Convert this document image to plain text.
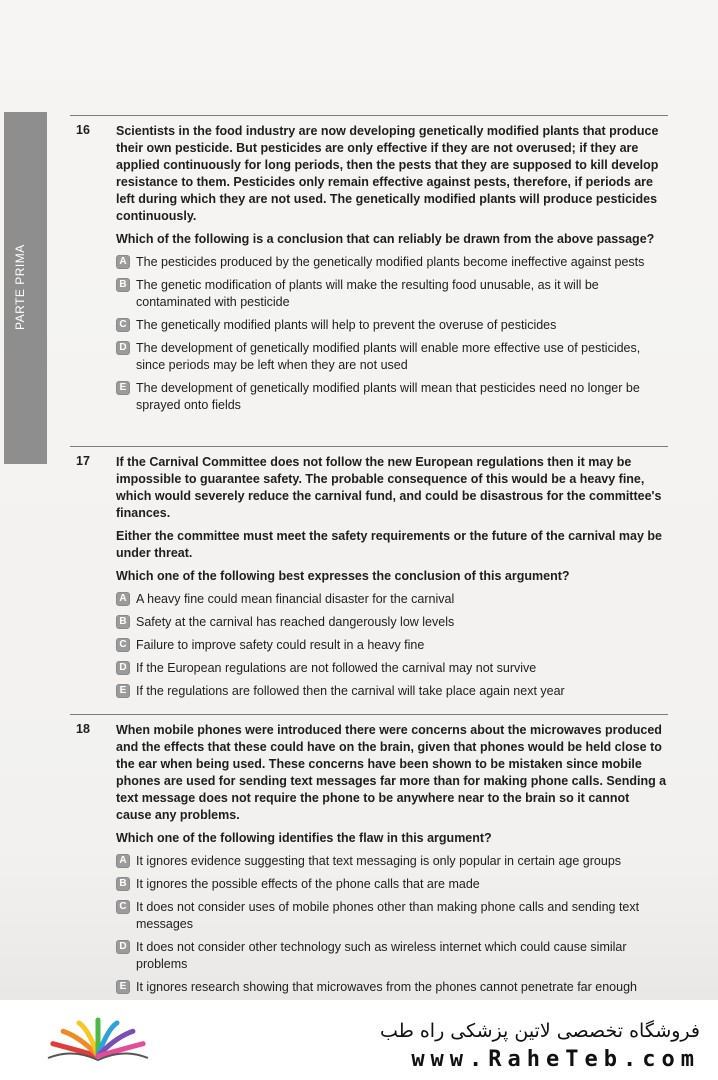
PARTE PRIMA
16 Scientists in the food industry are now developing genetically modified plants that produce their own pesticide. But pesticides are only effective if they are not overused; if they are applied continuously for long periods, then the pests that they are supposed to kill develop resistance to them. Pesticides only remain effective against pests, therefore, if periods are left during which they are not used. The genetically modified plants will produce pesticides continuously.

Which of the following is a conclusion that can reliably be drawn from the above passage?

A The pesticides produced by the genetically modified plants become ineffective against pests
B The genetic modification of plants will make the resulting food unusable, as it will be contaminated with pesticide
C The genetically modified plants will help to prevent the overuse of pesticides
D The development of genetically modified plants will enable more effective use of pesticides, since periods may be left when they are not used
E The development of genetically modified plants will mean that pesticides need no longer be sprayed onto fields
17 If the Carnival Committee does not follow the new European regulations then it may be impossible to guarantee safety. The probable consequence of this would be a heavy fine, which would severely reduce the carnival fund, and could be disastrous for the committee's finances.

Either the committee must meet the safety requirements or the future of the carnival may be under threat.

Which one of the following best expresses the conclusion of this argument?

A A heavy fine could mean financial disaster for the carnival
B Safety at the carnival has reached dangerously low levels
C Failure to improve safety could result in a heavy fine
D If the European regulations are not followed the carnival may not survive
E If the regulations are followed then the carnival will take place again next year
18 When mobile phones were introduced there were concerns about the microwaves produced and the effects that these could have on the brain, given that phones would be held close to the ear when being used. These concerns have been shown to be mistaken since mobile phones are used for sending text messages far more than for making phone calls. Sending a text message does not require the phone to be anywhere near to the brain so it cannot cause any problems.

Which one of the following identifies the flaw in this argument?

A It ignores evidence suggesting that text messaging is only popular in certain age groups
B It ignores the possible effects of the phone calls that are made
C It does not consider uses of mobile phones other than making phone calls and sending text messages
D It does not consider other technology such as wireless internet which could cause similar problems
E It ignores research showing that microwaves from the phones cannot penetrate far enough
فروشگاه تخصصی لاتین پزشکی راه طب
www.RaheTeb.com
